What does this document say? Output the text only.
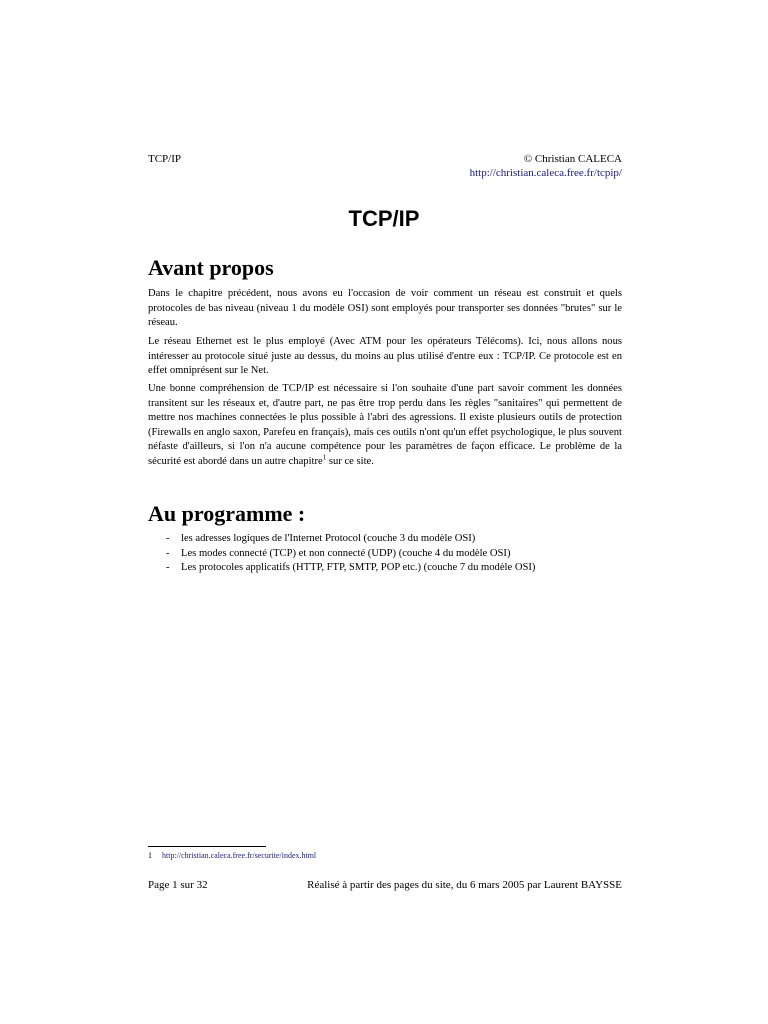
TCP/IP	© Christian CALECA
http://christian.caleca.free.fr/tcpip/
TCP/IP
Avant propos

Dans le chapitre précédent, nous avons eu l'occasion de voir comment un réseau est construit et quels protocoles de bas niveau (niveau 1 du modèle OSI) sont employés pour transporter ses données "brutes" sur le réseau.

Le réseau Ethernet est le plus employé (Avec ATM pour les opérateurs Télécoms). Ici, nous allons nous intéresser au protocole situé juste au dessus, du moins au plus utilisé d'entre eux : TCP/IP. Ce protocole est en effet omniprésent sur le Net.

Une bonne compréhension de TCP/IP est nécessaire si l'on souhaite d'une part savoir comment les données transitent sur les réseaux et, d'autre part, ne pas être trop perdu dans les règles "sanitaires" qui permettent de mettre nos machines connectées le plus possible à l'abri des agressions. Il existe plusieurs outils de protection (Firewalls en anglo saxon, Parefeu en français), mais ces outils n'ont qu'un effet psychologique, le plus souvent néfaste d'ailleurs, si l'on n'a aucune compétence pour les paramètres de façon efficace. Le problème de la sécurité est abordé dans un autre chapitre$^1$ sur ce site.

Au programme :
- les adresses logiques de l'Internet Protocol (couche 3 du modèle OSI)
- Les modes connecté (TCP) et non connecté (UDP) (couche 4 du modèle OSI)
- Les protocoles applicatifs (HTTP, FTP, SMTP, POP etc.) (couche 7 du modèle OSI)
1 http://christian.caleca.free.fr/securite/index.html
Page 1 sur 32	Réalisé à partir des pages du site, du 6 mars 2005 par Laurent BAYSSE
